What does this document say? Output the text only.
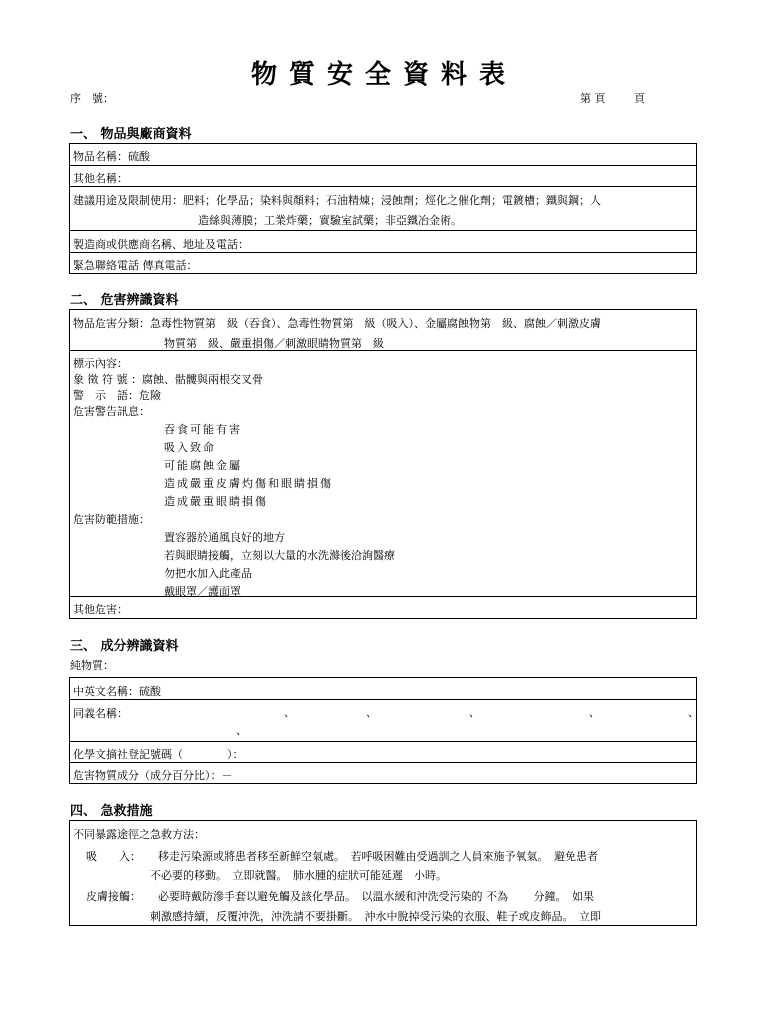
物質安全資料表
序　號：	第 頁	頁
一、 物品與廠商資料
物品名稱：硫酸
其他名稱：
建議用途及限制使用：肥料；化學品；染料與顏料；石油精煉；浸蝕劑；烴化之催化劑；電鍍槽；鐵與鋼；人
造絲與薄膜；工業炸藥；實驗室試藥；非亞鐵冶金術。
製造商或供應商名稱、地址及電話：
緊急聯絡電話 傳真電話：
二、 危害辨識資料
物品危害分類：急毒性物質第　級（吞食）、急毒性物質第　級（吸入）、金屬腐蝕物第　級、腐蝕／刺激皮膚
物質第　級、嚴重損傷／刺激眼睛物質第　級
標示內容：
象 徵 符 號 ：腐蝕、骷髏與兩根交叉骨
警　示　語：危險
危害警告訊息：
吞食可能有害
吸入致命
可能腐蝕金屬
造成嚴重皮膚灼傷和眼睛損傷
造成嚴重眼睛損傷
危害防範措施：
置容器於通風良好的地方
若與眼睛接觸，立刻以大量的水洗滌後洽詢醫療
勿把水加入此產品
戴眼罩／護面罩
其他危害：
三、 成分辨識資料
純物質：
中英文名稱：硫酸
同義名稱：	、	、	、	、	、
、
化學文摘社登記號碼（　　　　）：
危害物質成分（成分百分比）：－
四、 急救措施
不同暴露途徑之急救方法：
吸　　入： 移走污染源或將患者移至新鮮空氣處。　若呼吸困難由受過訓之人員來施予氧氣。　避免患者
不必要的移動。　立即就醫。　肺水腫的症狀可能延遲　小時。
皮膚接觸： 必要時戴防滲手套以避免觸及該化學品。　以溫水緩和沖洗受污染的 不為　　 分鐘。　如果
刺激感持續，反覆沖洗，沖洗請不要掛斷。　沖水中脫掉受污染的衣服、鞋子或皮飾品。　立即
